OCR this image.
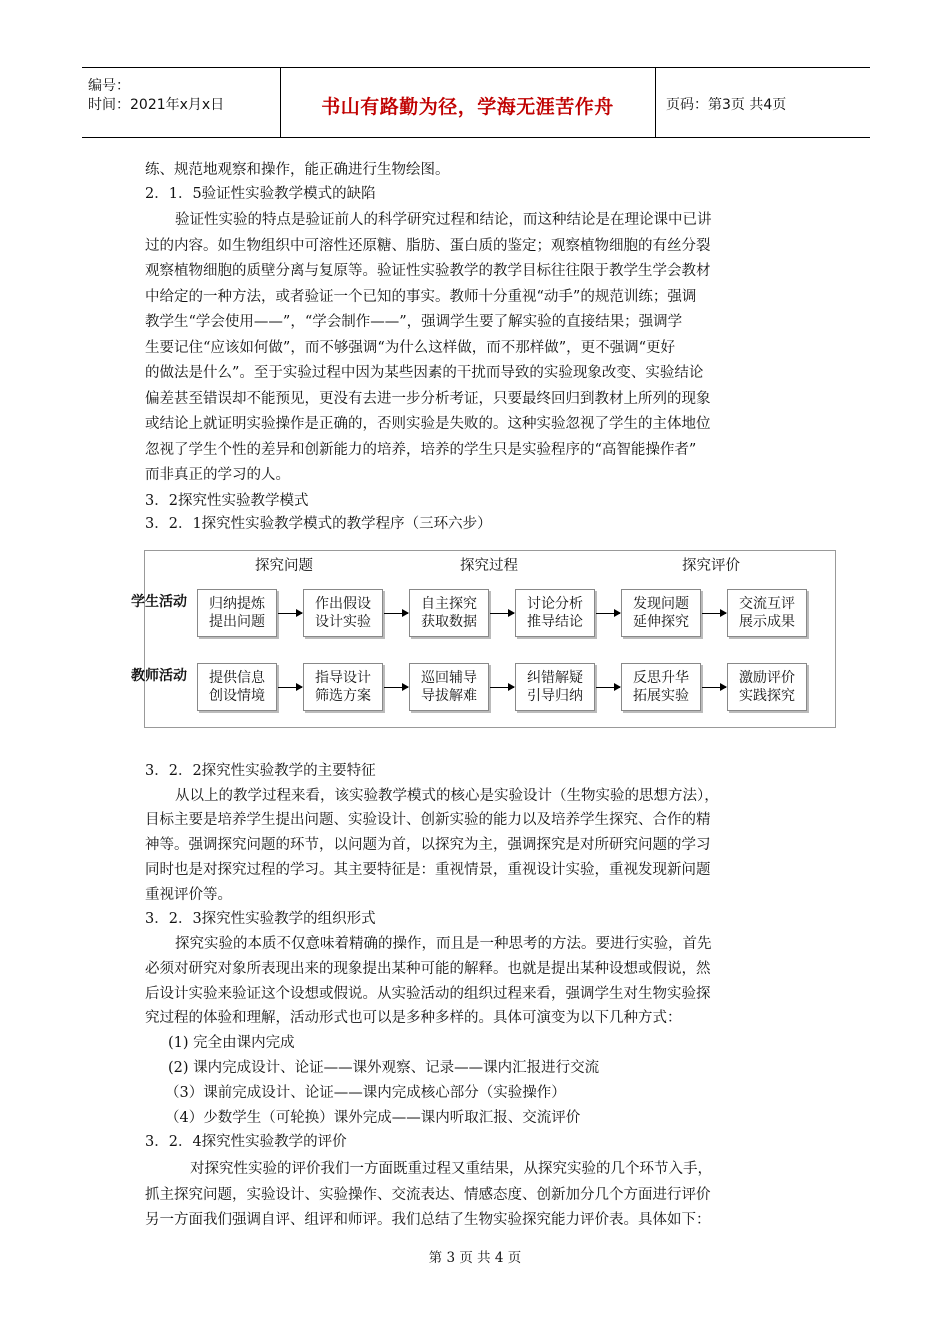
编号：
时间：2021年x月x日	书山有路勤为径，学海无涯苦作舟	页码：第3页 共4页
练、规范地观察和操作，能正确进行生物绘图。
2．1．5验证性实验教学模式的缺陷
验证性实验的特点是验证前人的科学研究过程和结论，而这种结论是在理论课中已讲
过的内容。如生物组织中可溶性还原糖、脂肪、蛋白质的鉴定；观察植物细胞的有丝分裂
观察植物细胞的质壁分离与复原等。验证性实验教学的教学目标往往限于教学生学会教材
中给定的一种方法，或者验证一个已知的事实。教师十分重视“动手”的规范训练；强调
教学生“学会使用——”，“学会制作——”，强调学生要了解实验的直接结果；强调学
生要记住“应该如何做”，而不够强调“为什么这样做，而不那样做”，更不强调“更好
的做法是什么”。至于实验过程中因为某些因素的干扰而导致的实验现象改变、实验结论
偏差甚至错误却不能预见，更没有去进一步分析考证，只要最终回归到教材上所列的现象
或结论上就证明实验操作是正确的，否则实验是失败的。这种实验忽视了学生的主体地位
忽视了学生个性的差异和创新能力的培养，培养的学生只是实验程序的“高智能操作者”
而非真正的学习的人。
3．2探究性实验教学模式
3．2．1探究性实验教学模式的教学程序（三环六步）
探究问题	探究过程	探究评价
学生活动
教师活动
归纳提炼
提出问题
作出假设
设计实验
自主探究
获取数据
讨论分析
推导结论
发现问题
延伸探究
交流互评
展示成果
提供信息
创设情境
指导设计
筛选方案
巡回辅导
导拔解难
纠错解疑
引导归纳
反思升华
拓展实验
激励评价
实践探究
3．2．2探究性实验教学的主要特征
从以上的教学过程来看，该实验教学模式的核心是实验设计（生物实验的思想方法），
目标主要是培养学生提出问题、实验设计、创新实验的能力以及培养学生探究、合作的精
神等。强调探究问题的环节，以问题为首，以探究为主，强调探究是对所研究问题的学习
同时也是对探究过程的学习。其主要特征是：重视情景，重视设计实验，重视发现新问题
重视评价等。
3．2．3探究性实验教学的组织形式
探究实验的本质不仅意味着精确的操作，而且是一种思考的方法。要进行实验，首先
必须对研究对象所表现出来的现象提出某种可能的解释。也就是提出某种设想或假说，然
后设计实验来验证这个设想或假说。从实验活动的组织过程来看，强调学生对生物实验探
究过程的体验和理解，活动形式也可以是多种多样的。具体可演变为以下几种方式：
(1) 完全由课内完成
(2) 课内完成设计、论证——课外观察、记录——课内汇报进行交流
（3）课前完成设计、论证——课内完成核心部分（实验操作）
（4）少数学生（可轮换）课外完成——课内听取汇报、交流评价
3．2．4探究性实验教学的评价
对探究性实验的评价我们一方面既重过程又重结果，从探究实验的几个环节入手，
抓主探究问题，实验设计、实验操作、交流表达、情感态度、创新加分几个方面进行评价
另一方面我们强调自评、组评和师评。我们总结了生物实验探究能力评价表。具体如下：
第 3 页 共 4 页
